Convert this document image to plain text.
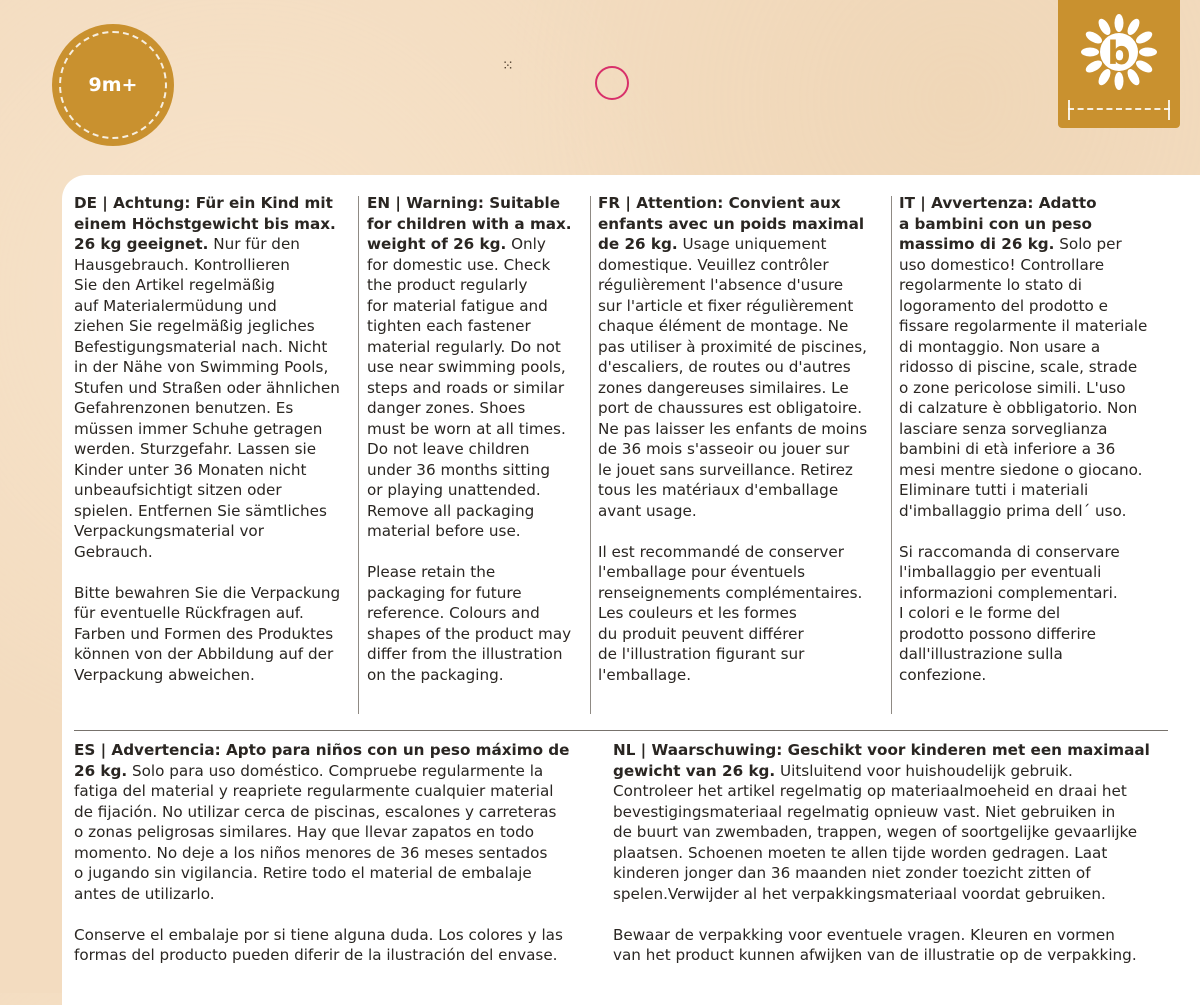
9m+
⁙	b

DE | Achtung: Für ein Kind mit
einem Höchstgewicht bis max.
26 kg geeignet. Nur für den
Hausgebrauch. Kontrollieren
Sie den Artikel regelmäßig
auf Materialermüdung und
ziehen Sie regelmäßig jegliches
Befestigungsmaterial nach. Nicht
in der Nähe von Swimming Pools,
Stufen und Straßen oder ähnlichen
Gefahrenzonen benutzen. Es
müssen immer Schuhe getragen
werden. Sturzgefahr. Lassen sie
Kinder unter 36 Monaten nicht
unbeaufsichtigt sitzen oder
spielen. Entfernen Sie sämtliches
Verpackungsmaterial vor
Gebrauch.

Bitte bewahren Sie die Verpackung
für eventuelle Rückfragen auf.
Farben und Formen des Produktes
können von der Abbildung auf der
Verpackung abweichen.

EN | Warning: Suitable
for children with a max.
weight of 26 kg. Only
for domestic use. Check
the product regularly
for material fatigue and
tighten each fastener
material regularly. Do not
use near swimming pools,
steps and roads or similar
danger zones. Shoes
must be worn at all times.
Do not leave children
under 36 months sitting
or playing unattended.
Remove all packaging
material before use.

Please retain the
packaging for future
reference. Colours and
shapes of the product may
differ from the illustration
on the packaging.

FR | Attention: Convient aux
enfants avec un poids maximal
de 26 kg. Usage uniquement
domestique. Veuillez contrôler
régulièrement l'absence d'usure
sur l'article et fixer régulièrement
chaque élément de montage. Ne
pas utiliser à proximité de piscines,
d'escaliers, de routes ou d'autres
zones dangereuses similaires. Le
port de chaussures est obligatoire.
Ne pas laisser les enfants de moins
de 36 mois s'asseoir ou jouer sur
le jouet sans surveillance. Retirez
tous les matériaux d'emballage
avant usage.

Il est recommandé de conserver
l'emballage pour éventuels
renseignements complémentaires.
Les couleurs et les formes
du produit peuvent différer
de l'illustration figurant sur
l'emballage.

IT | Avvertenza: Adatto
a bambini con un peso
massimo di 26 kg. Solo per
uso domestico! Controllare
regolarmente lo stato di
logoramento del prodotto e
fissare regolarmente il materiale
di montaggio. Non usare a
ridosso di piscine, scale, strade
o zone pericolose simili. L'uso
di calzature è obbligatorio. Non
lasciare senza sorveglianza
bambini di età inferiore a 36
mesi mentre siedone o giocano.
Eliminare tutti i materiali
d'imballaggio prima dell´ uso.

Si raccomanda di conservare
l'imballaggio per eventuali
informazioni complementari.
I colori e le forme del
prodotto possono differire
dall'illustrazione sulla
confezione.

ES | Advertencia: Apto para niños con un peso máximo de
26 kg. Solo para uso doméstico. Compruebe regularmente la
fatiga del material y reapriete regularmente cualquier material
de fijación. No utilizar cerca de piscinas, escalones y carreteras
o zonas peligrosas similares. Hay que llevar zapatos en todo
momento. No deje a los niños menores de 36 meses sentados
o jugando sin vigilancia. Retire todo el material de embalaje
antes de utilizarlo.

Conserve el embalaje por si tiene alguna duda. Los colores y las
formas del producto pueden diferir de la ilustración del envase.

NL | Waarschuwing: Geschikt voor kinderen met een maximaal
gewicht van 26 kg. Uitsluitend voor huishoudelijk gebruik.
Controleer het artikel regelmatig op materiaalmoeheid en draai het
bevestigingsmateriaal regelmatig opnieuw vast. Niet gebruiken in
de buurt van zwembaden, trappen, wegen of soortgelijke gevaarlijke
plaatsen. Schoenen moeten te allen tijde worden gedragen. Laat
kinderen jonger dan 36 maanden niet zonder toezicht zitten of
spelen.Verwijder al het verpakkingsmateriaal voordat gebruiken.

Bewaar de verpakking voor eventuele vragen. Kleuren en vormen
van het product kunnen afwijken van de illustratie op de verpakking.
